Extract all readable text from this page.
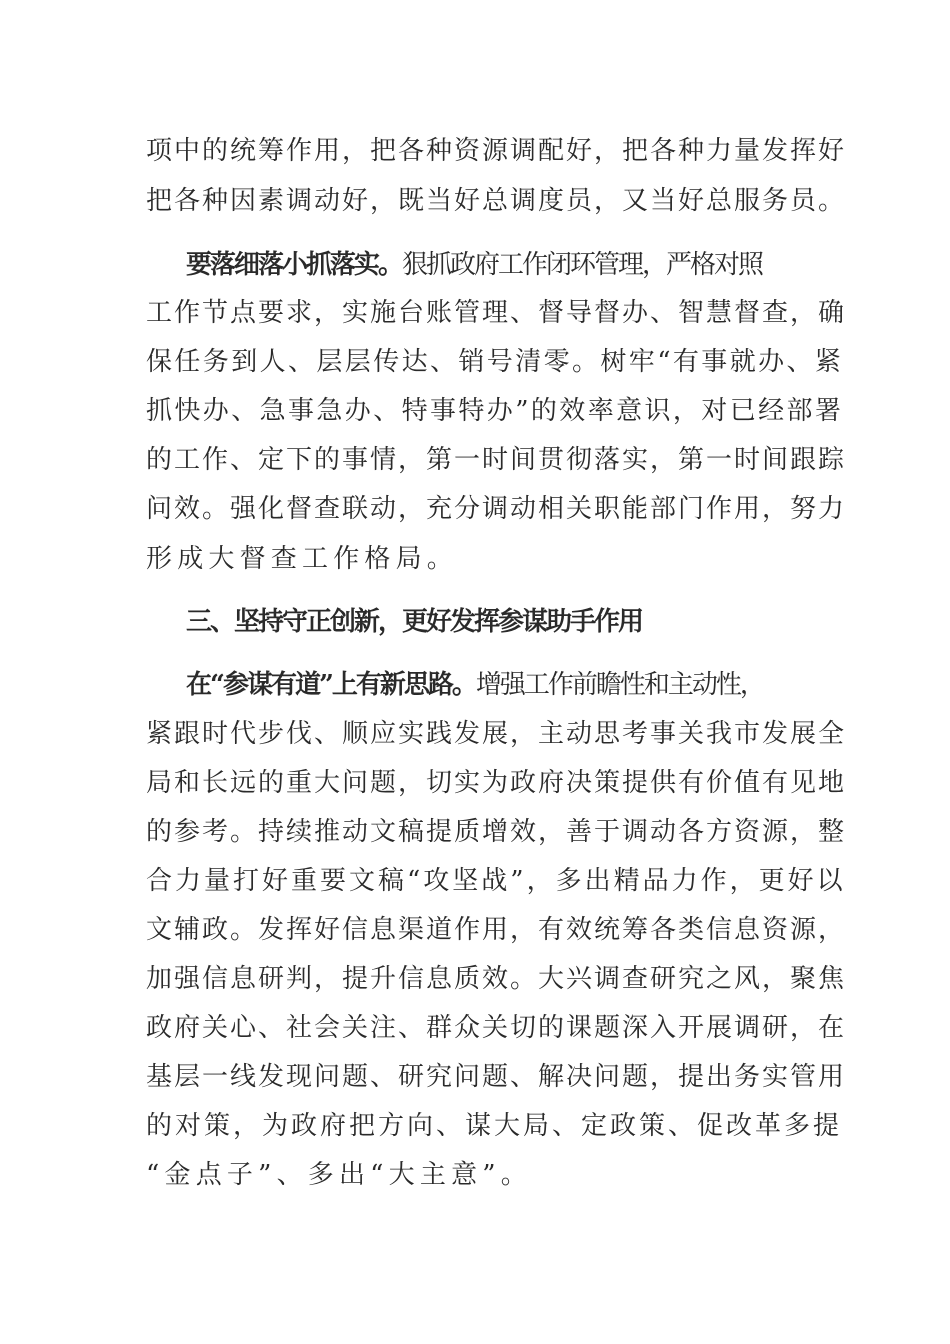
项中的统筹作用，把各种资源调配好，把各种力量发挥好
把各种因素调动好，既当好总调度员，又当好总服务员。
要落细落小抓落实。狠抓政府工作闭环管理，严格对照
工作节点要求，实施台账管理、督导督办、智慧督查，确
保任务到人、层层传达、销号清零。树牢“有事就办、紧
抓快办、急事急办、特事特办”的效率意识，对已经部署
的工作、定下的事情，第一时间贯彻落实，第一时间跟踪
问效。强化督查联动，充分调动相关职能部门作用，努力
形成大督查工作格局。
三、坚持守正创新，更好发挥参谋助手作用
在“参谋有道”上有新思路。增强工作前瞻性和主动性，
紧跟时代步伐、顺应实践发展，主动思考事关我市发展全
局和长远的重大问题，切实为政府决策提供有价值有见地
的参考。持续推动文稿提质增效，善于调动各方资源，整
合力量打好重要文稿“攻坚战”，多出精品力作，更好以
文辅政。发挥好信息渠道作用，有效统筹各类信息资源，
加强信息研判，提升信息质效。大兴调查研究之风，聚焦
政府关心、社会关注、群众关切的课题深入开展调研，在
基层一线发现问题、研究问题、解决问题，提出务实管用
的对策，为政府把方向、谋大局、定政策、促改革多提
“金点子”、多出“大主意”。
